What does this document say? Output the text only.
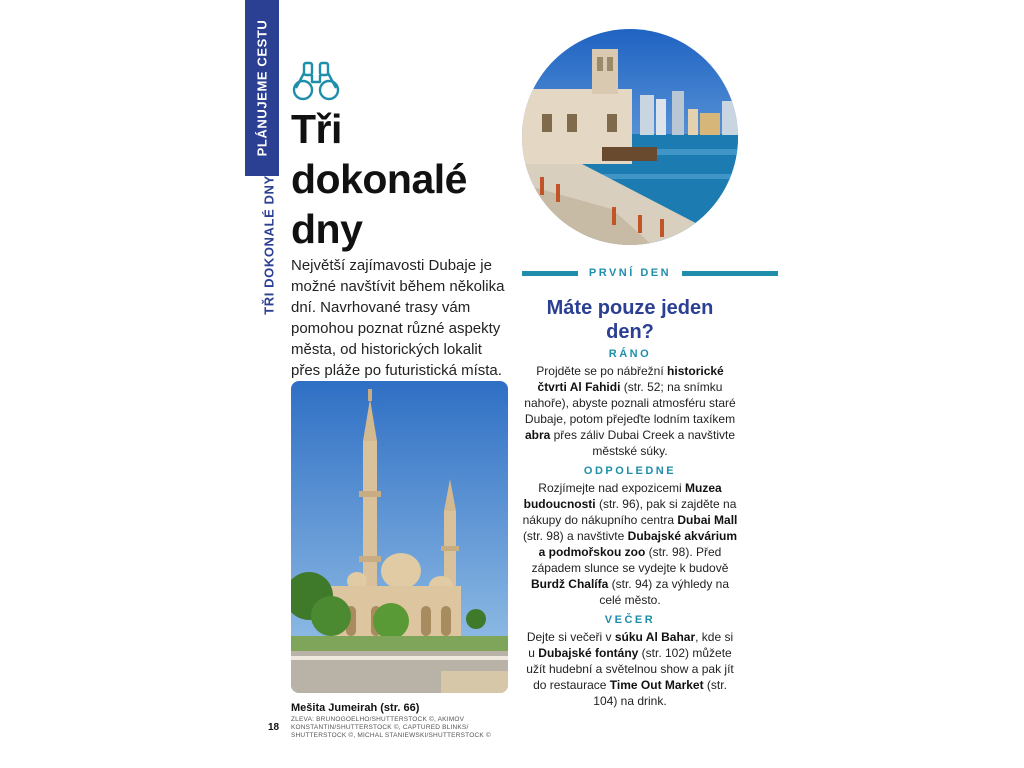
PLÁNUJEME CESTU
TŘI DOKONALÉ DNY
Tři
dokonalé
dny
Největší zajímavosti Dubaje je možné navštívit během několika dní. Navrhované trasy vám pomohou poznat různé aspekty města, od historických lokalit přes pláže po futuristická místa.
Mešita Jumeirah (str. 66)
18
ZLEVA: BRUNOGOELHO/SHUTTERSTOCK ©, AKIMOV KONSTANTIN/SHUTTERSTOCK ©, CAPTURED BLINKS/ SHUTTERSTOCK ©, MICHAL STANIEWSKI/SHUTTERSTOCK ©
PRVNÍ DEN
Máte pouze jeden den?
RÁNO
Projděte se po nábřežní historické čtvrti Al Fahidi (str. 52; na snímku nahoře), abyste poznali atmosféru staré Dubaje, potom přejeďte lodním taxíkem abra přes záliv Dubai Creek a navštivte městské súky.
ODPOLEDNE
Rozjímejte nad expozicemi Muzea budoucnosti (str. 96), pak si zajděte na nákupy do nákupního centra Dubai Mall (str. 98) a navštivte Dubajské akvárium a podmořskou zoo (str. 98). Před západem slunce se vydejte k budově Burdž Chalífa (str. 94) za výhledy na celé město.
VEČER
Dejte si večeři v súku Al Bahar, kde si u Dubajské fontány (str. 102) můžete užít hudební a světelnou show a pak jít do restaurace Time Out Market (str. 104) na drink.
